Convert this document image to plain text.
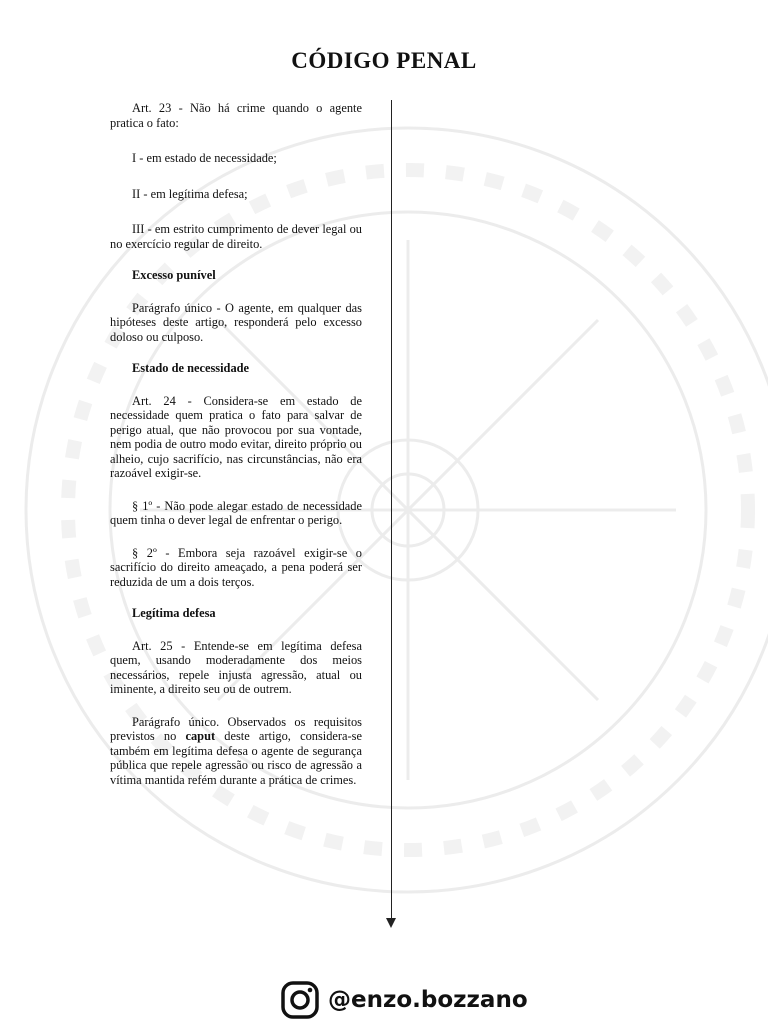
CÓDIGO PENAL

Art. 23 - Não há crime quando o agente pratica o fato:

I - em estado de necessidade;

II - em legítima defesa;

III - em estrito cumprimento de dever legal ou no exercício regular de direito.

Excesso punível

Parágrafo único - O agente, em qualquer das hipóteses deste artigo, responderá pelo excesso doloso ou culposo.

Estado de necessidade

Art. 24 - Considera-se em estado de necessidade quem pratica o fato para salvar de perigo atual, que não provocou por sua vontade, nem podia de outro modo evitar, direito próprio ou alheio, cujo sacrifício, nas circunstâncias, não era razoável exigir-se.

§ 1º - Não pode alegar estado de necessidade quem tinha o dever legal de enfrentar o perigo.

§ 2º - Embora seja razoável exigir-se o sacrifício do direito ameaçado, a pena poderá ser reduzida de um a dois terços.

Legítima defesa

Art. 25 - Entende-se em legítima defesa quem, usando moderadamente dos meios necessários, repele injusta agressão, atual ou iminente, a direito seu ou de outrem.

Parágrafo único. Observados os requisitos previstos no caput deste artigo, considera-se também em legítima defesa o agente de segurança pública que repele agressão ou risco de agressão a vítima mantida refém durante a prática de crimes.

@enzo.bozzano
